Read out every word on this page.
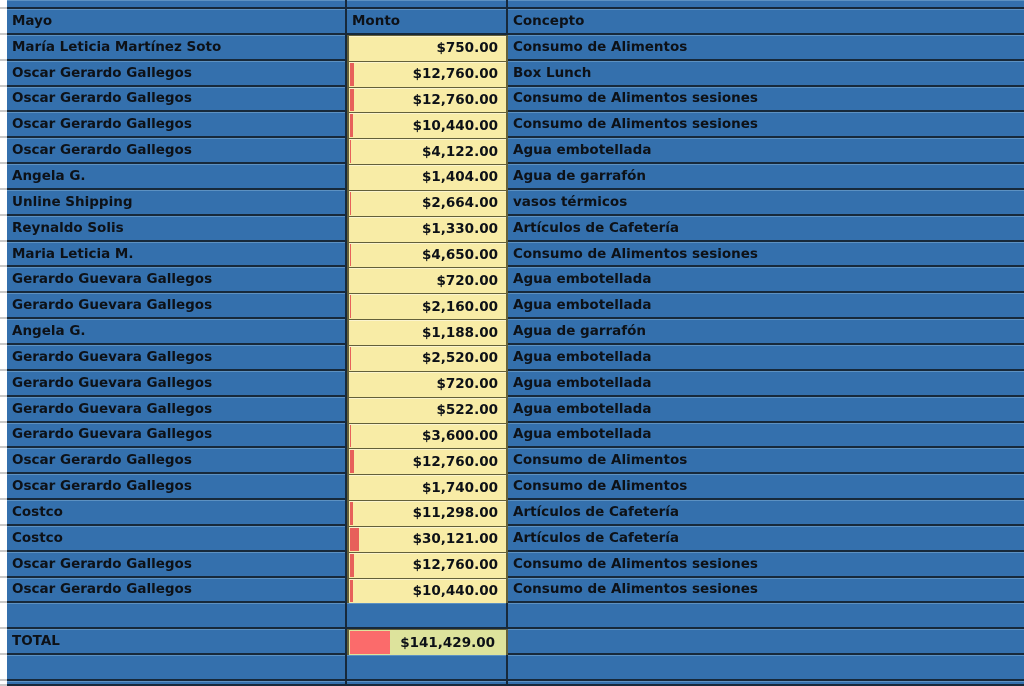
Mayo	Monto	Concepto
María Leticia Martínez Soto	$750.00 Consumo de Alimentos
Oscar Gerardo Gallegos	$12,760.00 Box Lunch
Oscar Gerardo Gallegos	$12,760.00 Consumo de Alimentos sesiones
Oscar Gerardo Gallegos	$10,440.00 Consumo de Alimentos sesiones
Oscar Gerardo Gallegos	$4,122.00 Agua embotellada
Angela G.	$1,404.00 Agua de garrafón
Unline Shipping	$2,664.00 vasos térmicos
Reynaldo Solis	$1,330.00 Artículos de Cafetería
Maria Leticia M.	$4,650.00 Consumo de Alimentos sesiones
Gerardo Guevara Gallegos	$720.00 Agua embotellada
Gerardo Guevara Gallegos	$2,160.00 Agua embotellada
Angela G.	$1,188.00 Agua de garrafón
Gerardo Guevara Gallegos	$2,520.00 Agua embotellada
Gerardo Guevara Gallegos	$720.00 Agua embotellada
Gerardo Guevara Gallegos	$522.00 Agua embotellada
Gerardo Guevara Gallegos	$3,600.00 Agua embotellada
Oscar Gerardo Gallegos	$12,760.00 Consumo de Alimentos
Oscar Gerardo Gallegos	$1,740.00 Consumo de Alimentos
Costco	$11,298.00 Artículos de Cafetería
Costco	$30,121.00 Artículos de Cafetería
Oscar Gerardo Gallegos	$12,760.00 Consumo de Alimentos sesiones
Oscar Gerardo Gallegos	$10,440.00 Consumo de Alimentos sesiones
TOTAL	$141,429.00
